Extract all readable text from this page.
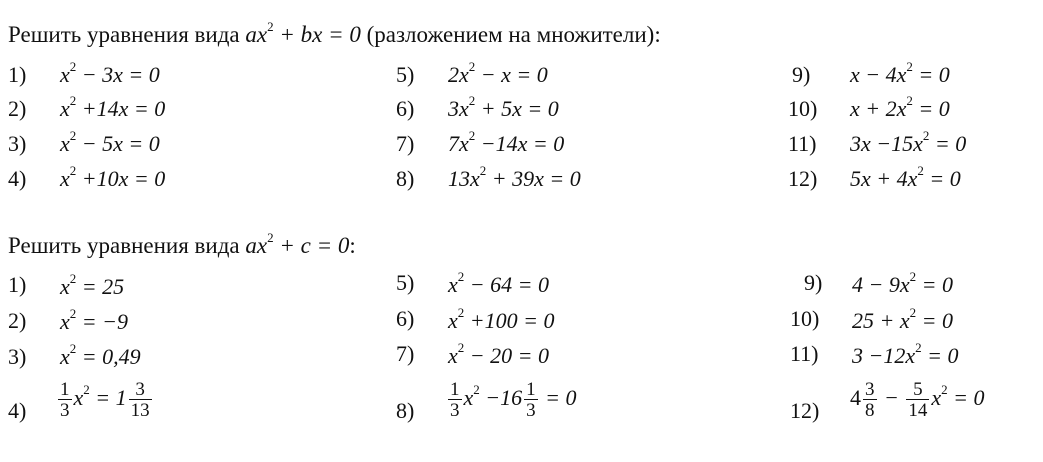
Решить уравнения вида $ax^2$ + bx = 0 (разложением на множители):
1) $x^2 - 3x = 0$
2) $x^2 +14x = 0$
3) $x^2 - 5x = 0$
4) $x^2 +10x = 0$
5) $2x^2 - x = 0$
6) $3x^2 + 5x = 0$
7) $7x^2 -14x = 0$
8) $13x^2 + 39x = 0$
9) $x - 4x^2 = 0$
10) $x + 2x^2 = 0$
11) $3x -15x^2 = 0$
12) $5x + 4x^2 = 0$
Решить уравнения вида $ax^2 + c = 0$:
1) $x^2 = 25$
2) $x^2 = -9$
3) $x^2 = 0,49$
$4) \frac{1}{3} x^2 = 1 \frac{3}{13}$
5) $x^2 - 64 = 0$
6) $x^2 +100 = 0$
7) $x^2 - 20 = 0$
$8) \frac{1}{3} x^2 -16 \frac{1}{3} = 0$
9) $4 - 9x^2 = 0$
10) $25 + x^2 = 0$
11) $3 -12x^2 = 0$
12)
$4 \frac{3}{8} - \frac{5}{14} x^2 = 0$
